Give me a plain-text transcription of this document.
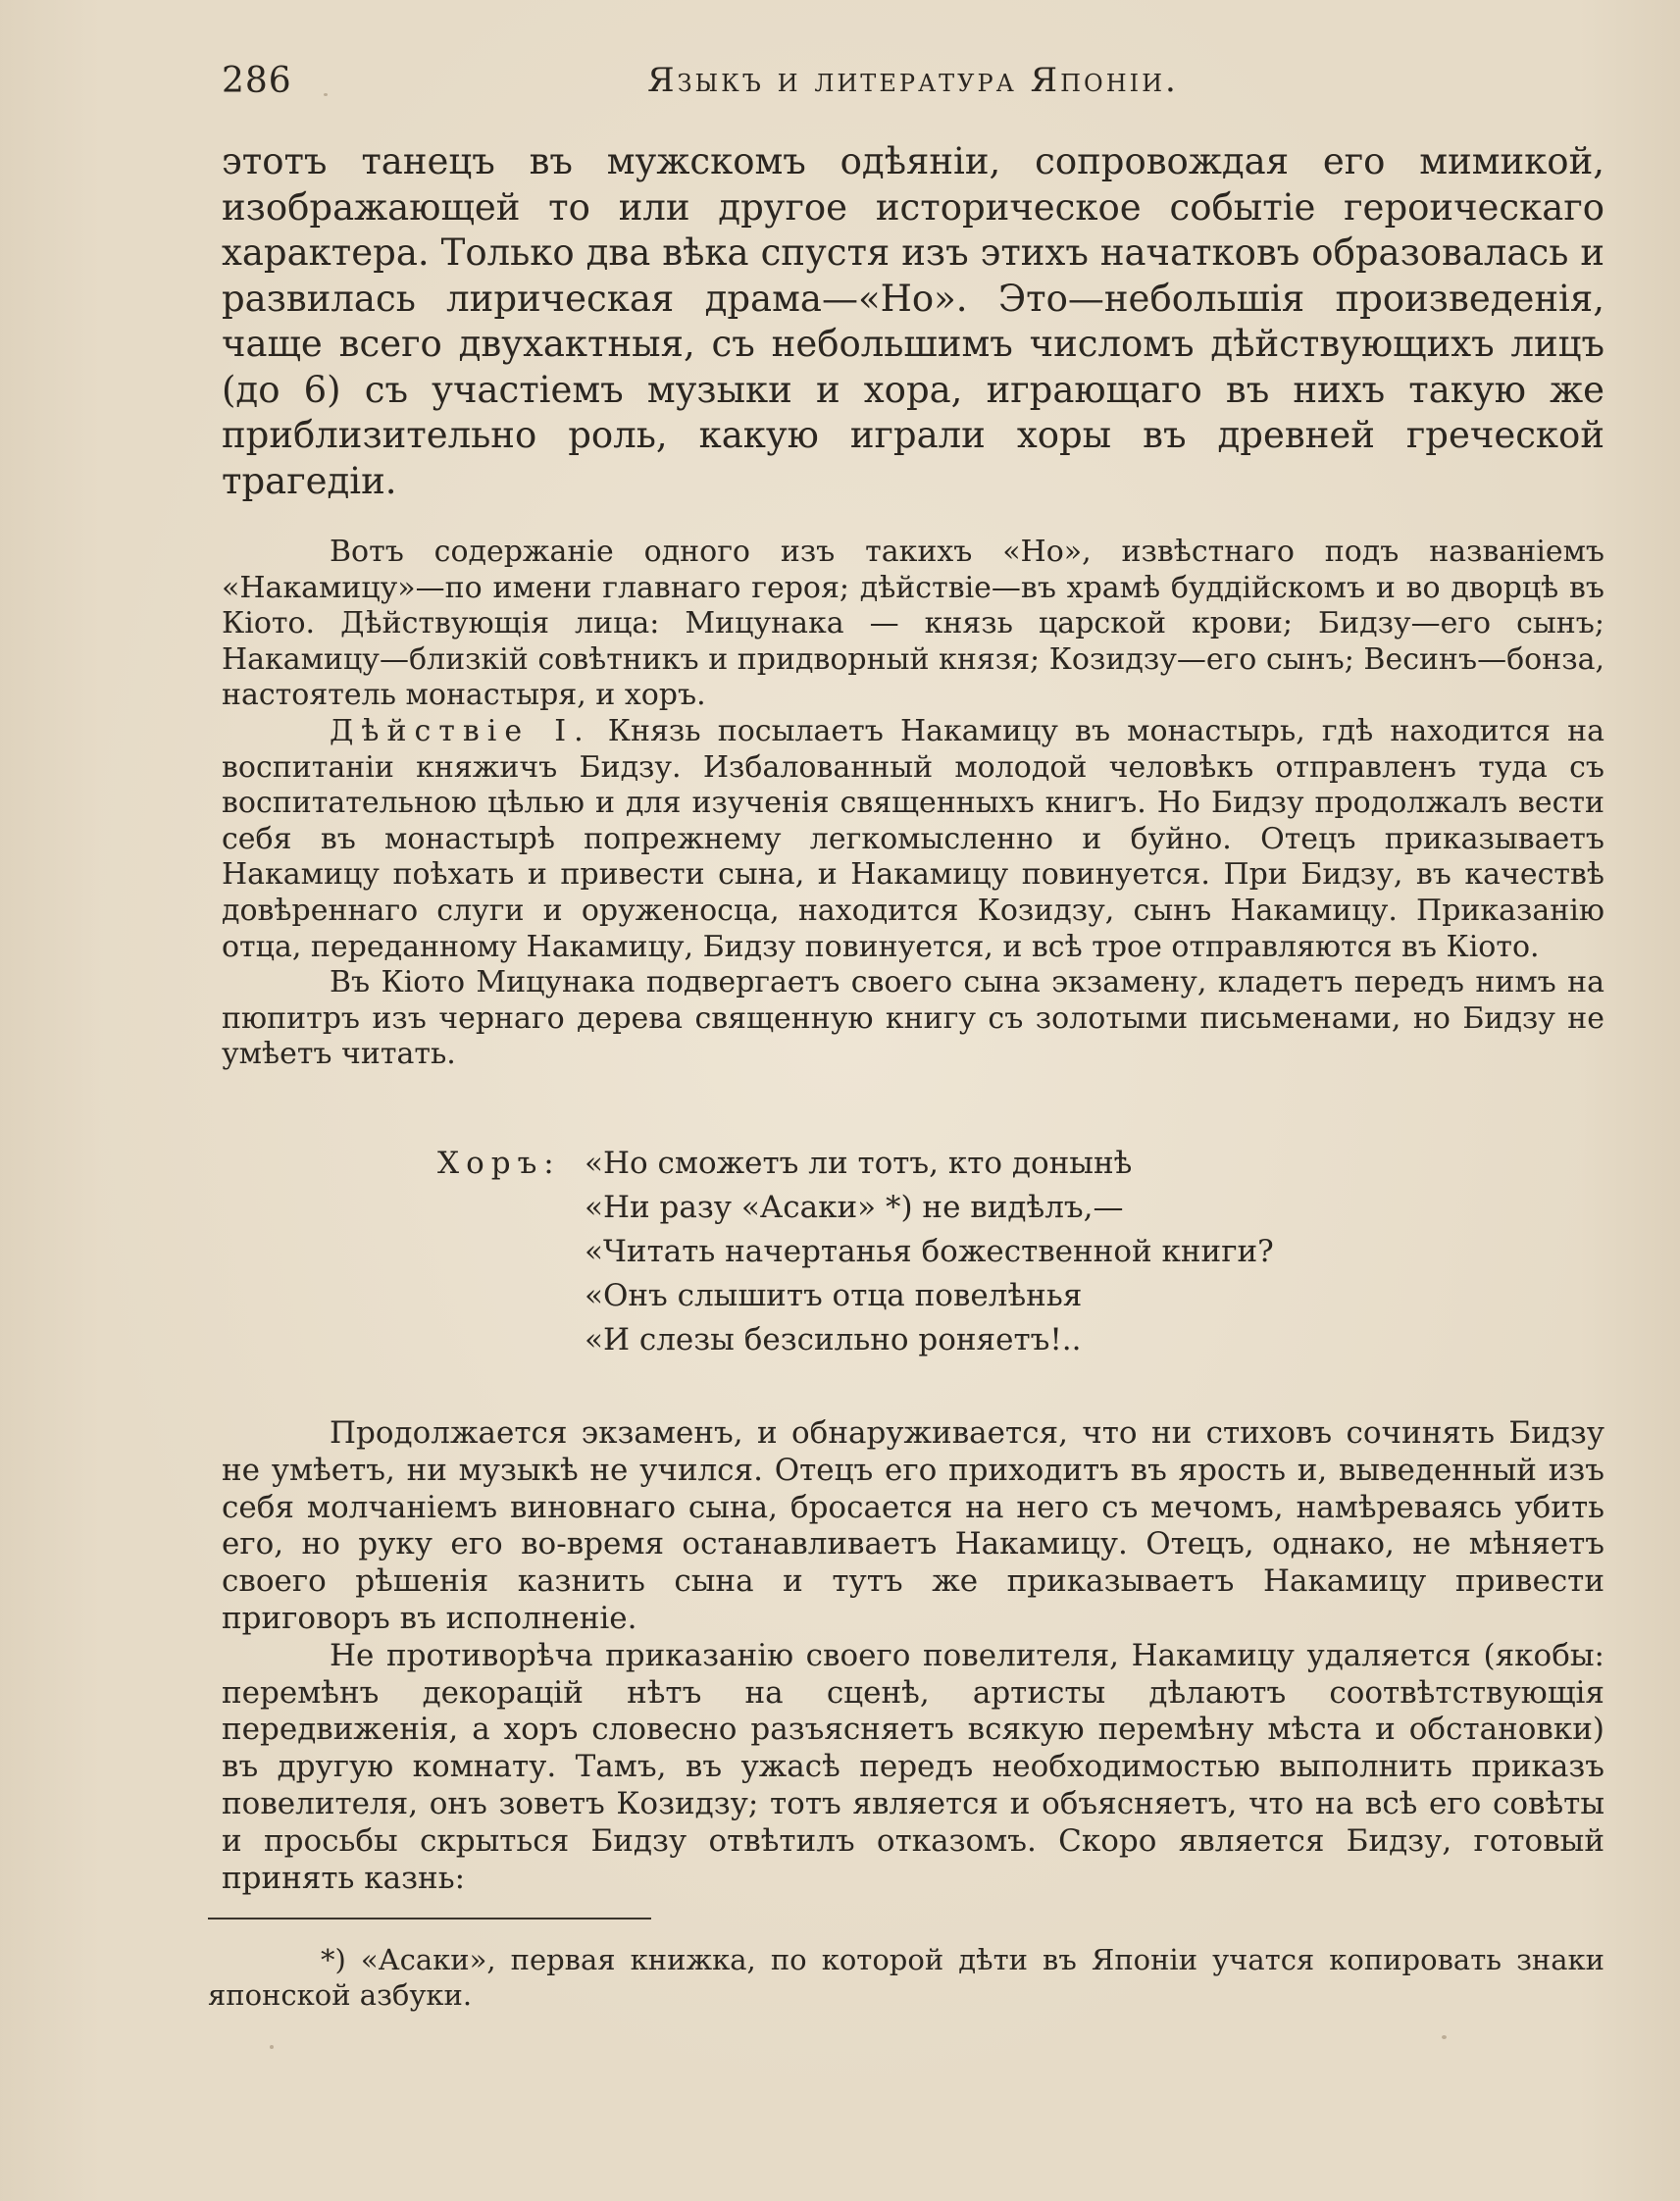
286	Языкъ и литература Японіи.

этотъ танецъ въ мужскомъ одѣяніи, сопровождая его мимикой, изображающей то или другое историческое событіе героическаго характера. Только два вѣка спустя изъ этихъ начатковъ образовалась и развилась лирическая драма—«Но». Это—небольшія произведенія, чаще всего двухактныя, съ небольшимъ числомъ дѣйствующихъ лицъ (до 6) съ участіемъ музыки и хора, играющаго въ нихъ такую же приблизительно роль, какую играли хоры въ древней греческой трагедіи.

Вотъ содержаніе одного изъ такихъ «Но», извѣстнаго подъ названіемъ «Накамицу»—по имени главнаго героя; дѣйствіе—въ храмѣ буддійскомъ и во дворцѣ въ Кіото. Дѣйствующія лица: Мицунака — князь царской крови; Бидзу—его сынъ; Накамицу—близкій совѣтникъ и придворный князя; Козидзу—его сынъ; Весинъ—бонза, настоятель монастыря, и хоръ.

Дѣйствіе I. Князь посылаетъ Накамицу въ монастырь, гдѣ находится на воспитаніи княжичъ Бидзу. Избалованный молодой человѣкъ отправленъ туда съ воспитательною цѣлью и для изученія священныхъ книгъ. Но Бидзу продолжалъ вести себя въ монастырѣ попрежнему легкомысленно и буйно. Отецъ приказываетъ Накамицу поѣхать и привести сына, и Накамицу повинуется. При Бидзу, въ качествѣ довѣреннаго слуги и оруженосца, находится Козидзу, сынъ Накамицу. Приказанію отца, переданному Накамицу, Бидзу повинуется, и всѣ трое отправляются въ Кіото.

Въ Кіото Мицунака подвергаетъ своего сына экзамену, кладетъ передъ нимъ на пюпитръ изъ чернаго дерева священную книгу съ золотыми письменами, но Бидзу не умѣетъ читать.

Хоръ: «Но сможетъ ли тотъ, кто донынѣ
«Ни разу «Асаки» *) не видѣлъ,—
«Читать начертанья божественной книги?
«Онъ слышитъ отца повелѣнья
«И слезы безсильно роняетъ!..

Продолжается экзаменъ, и обнаруживается, что ни стиховъ сочинять Бидзу не умѣетъ, ни музыкѣ не учился. Отецъ его приходитъ въ ярость и, выведенный изъ себя молчаніемъ виновнаго сына, бросается на него съ мечомъ, намѣреваясь убить его, но руку его во-время останавливаетъ Накамицу. Отецъ, однако, не мѣняетъ своего рѣшенія казнить сына и тутъ же приказываетъ Накамицу привести приговоръ въ исполненіе.

Не противорѣча приказанію своего повелителя, Накамицу удаляется (якобы: перемѣнъ декорацій нѣтъ на сценѣ, артисты дѣлаютъ соотвѣтствующія передвиженія, а хоръ словесно разъясняетъ всякую перемѣну мѣста и обстановки) въ другую комнату. Тамъ, въ ужасѣ передъ необходимостью выполнить приказъ повелителя, онъ зоветъ Козидзу; тотъ является и объясняетъ, что на всѣ его совѣты и просьбы скрыться Бидзу отвѣтилъ отказомъ. Скоро является Бидзу, готовый принять казнь:

*) «Асаки», первая книжка, по которой дѣти въ Японіи учатся копировать знаки японской азбуки.
